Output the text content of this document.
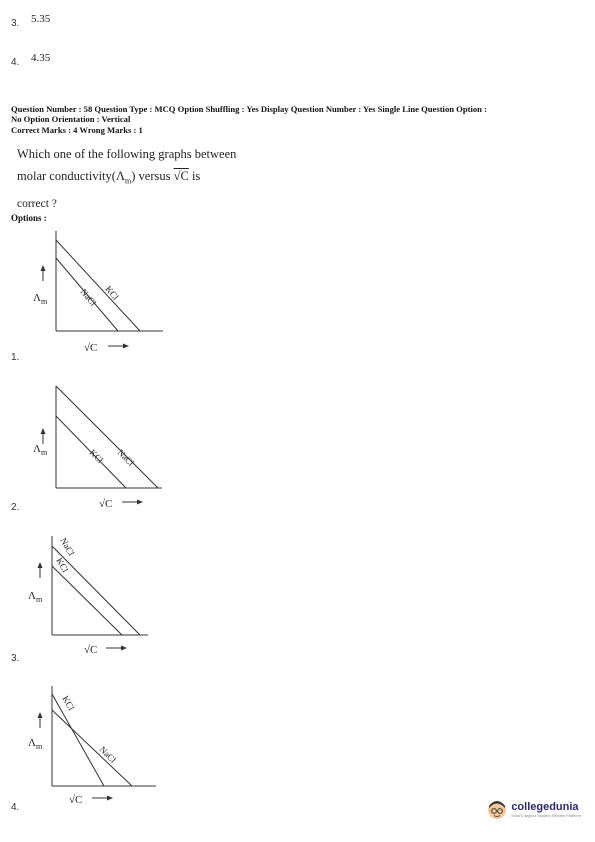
3. 5.35
4. 4.35
Question Number : 58 Question Type : MCQ Option Shuffling : Yes Display Question Number : Yes Single Line Question Option :
No Option Orientation : Vertical
Correct Marks : 4 Wrong Marks : 1
Which one of the following graphs between
molar $conductivity(\Lambda_m)$ versus √C is
correct ?
Options :
$\Lambda_m$
√C
NaCl KCl
1.
$\Lambda_m$
√C
KCl NaCl
2.
$\Lambda_m$
√C
NaCl
KCl
3.
$\Lambda_m$
√C
KCl
NaCl
4.	collegedunia
India's largest Student Review Platform
